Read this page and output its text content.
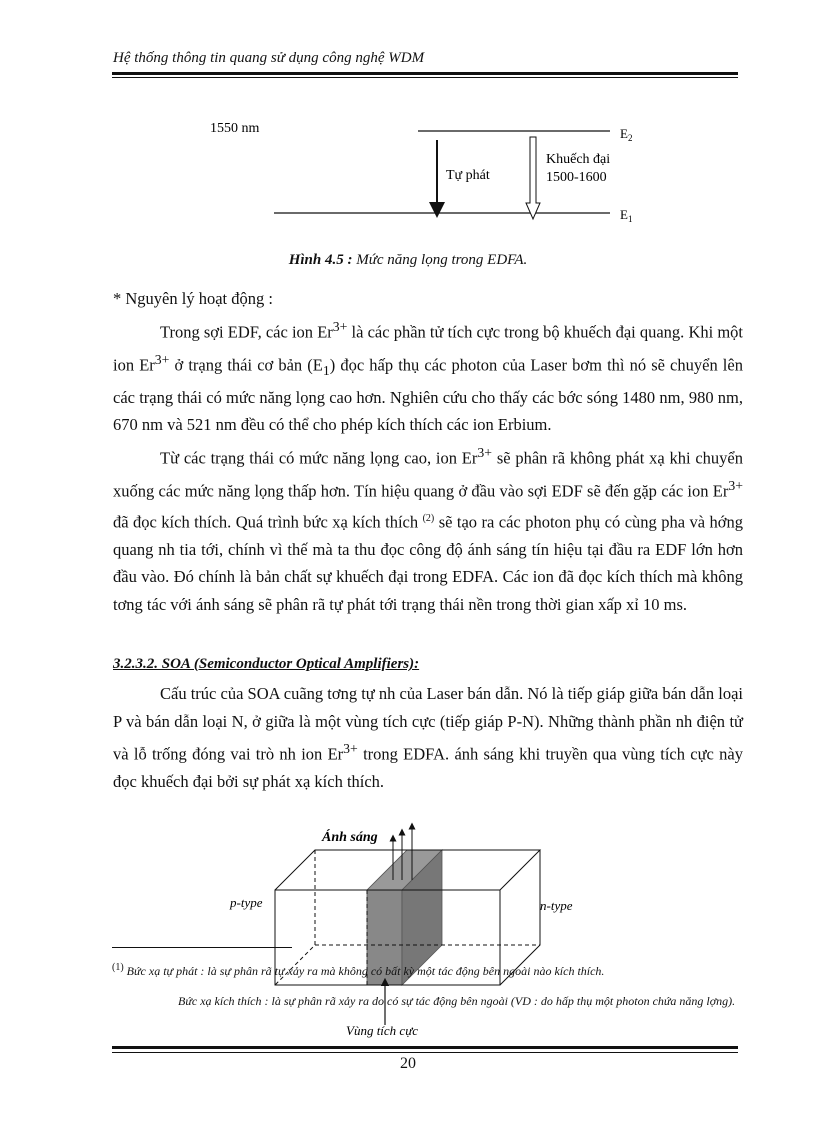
Hệ thống thông tin quang sử dụng công nghệ WDM
1550 nm	$E_2$
$E_1$
Tự phát
Khuếch đại
1500-1600
Hình 4.5 : Mức năng lọng trong EDFA.

* Nguyên lý hoạt động :

Trong sợi EDF, các ion $Er^{3+}$ là các phần tử tích cực trong bộ khuếch đại quang. Khi một ion $Er^{3+}$ ở trạng thái cơ bản $(E_1)$ đọc hấp thụ các photon của Laser bơm thì nó sẽ chuyển lên các trạng thái có mức năng lọng cao hơn. Nghiên cứu cho thấy các bớc sóng 1480 nm, 980 nm, 670 nm và 521 nm đều có thể cho phép kích thích các ion Erbium.

Từ các trạng thái có mức năng lọng cao, ion $Er^{3+}$ sẽ phân rã không phát xạ khi chuyển xuống các mức năng lọng thấp hơn. Tín hiệu quang ở đầu vào sợi EDF sẽ đến gặp các ion $Er^{3+}$ đã đọc kích thích. Quá trình bức xạ kích thích $^{(2)}$ sẽ tạo ra các photon phụ có cùng pha và hớng quang nh tia tới, chính vì thế mà ta thu đọc công độ ánh sáng tín hiệu tại đầu ra EDF lớn hơn đầu vào. Đó chính là bản chất sự khuếch đại trong EDFA. Các ion đã đọc kích thích mà không tơng tác với ánh sáng sẽ phân rã tự phát tới trạng thái nền trong thời gian xấp xỉ 10 ms.

3.2.3.2. SOA (Semiconductor Optical Amplifiers):

Cấu trúc của SOA cuãng tơng tự nh của Laser bán dẫn. Nó là tiếp giáp giữa bán dẫn loại P và bán dẫn loại N, ở giữa là một vùng tích cực (tiếp giáp P-N). Những thành phần nh điện tử và lỗ trống đóng vai trò nh ion $Er^{3+}$ trong EDFA. ánh sáng khi truyền qua vùng tích cực này đọc khuếch đại bởi sự phát xạ kích thích.

Ánh sáng
p-type	n-type
Vùng tích cực
$^{(1)}$ Bức xạ tự phát : là sự phân rã tự xảy ra mà không có bất kỳ một tác động bên ngoài nào kích thích.
Bức xạ kích thích : là sự phân rã xảy ra do có sự tác động bên ngoài (VD : do hấp thụ một photon chứa năng lợng).
20
